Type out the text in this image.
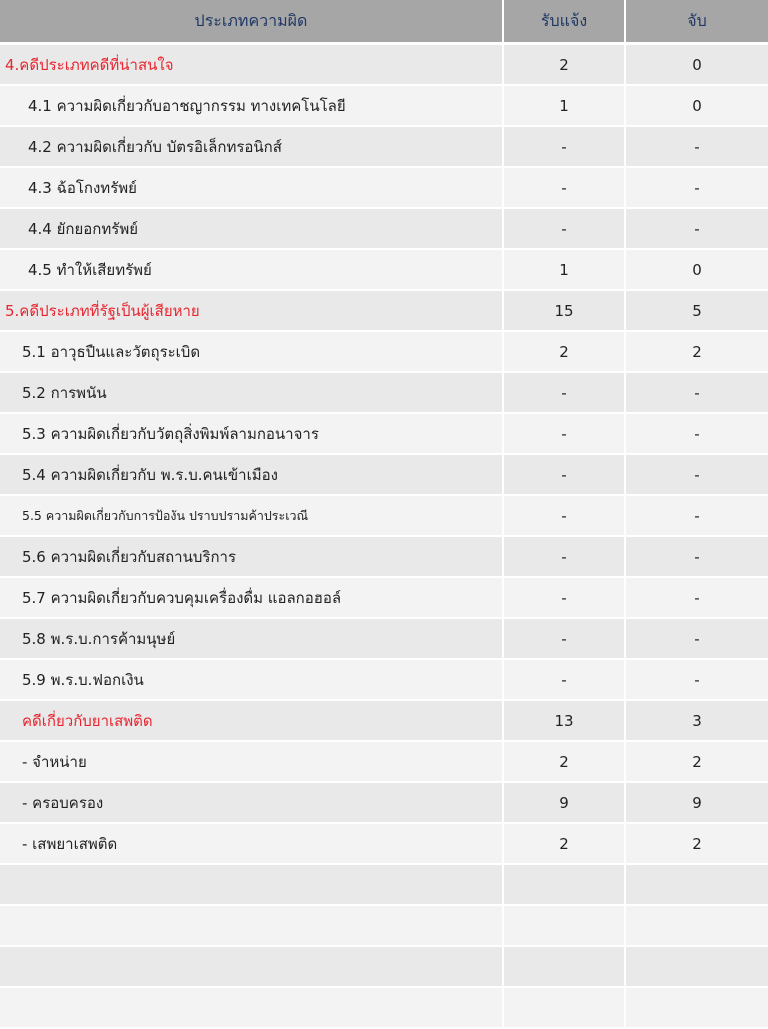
ประเภทความผิด	รับแจ้ง	จับ
4.คดีประเภทคดีที่น่าสนใจ	2	0
4.1 ความผิดเกี่ยวกับอาชญากรรม ทางเทคโนโลยี	1	0
4.2 ความผิดเกี่ยวกับ บัตรอิเล็กทรอนิกส์	-	-
4.3 ฉ้อโกงทรัพย์	-	-
4.4 ยักยอกทรัพย์	-	-
4.5 ทำให้เสียทรัพย์	1	0
5.คดีประเภทที่รัฐเป็นผู้เสียหาย	15	5
5.1 อาวุธปืนและวัตถุระเบิด	2	2
5.2 การพนัน	-	-
5.3 ความผิดเกี่ยวกับวัตถุสิ่งพิมพ์ลามกอนาจาร	-	-
5.4 ความผิดเกี่ยวกับ พ.ร.บ.คนเข้าเมือง	-	-
5.5 ความผิดเกี่ยวกับการป้องัน ปราบปรามค้าประเวณี	-	-
5.6 ความผิดเกี่ยวกับสถานบริการ	-	-
5.7 ความผิดเกี่ยวกับควบคุมเครื่องดื่ม แอลกอฮอล์	-	-
5.8 พ.ร.บ.การค้ามนุษย์	-	-
5.9 พ.ร.บ.ฟอกเงิน	-	-
คดีเกี่ยวกับยาเสพติด	13	3
- จำหน่าย	2	2
- ครอบครอง	9	9
- เสพยาเสพติด	2	2
